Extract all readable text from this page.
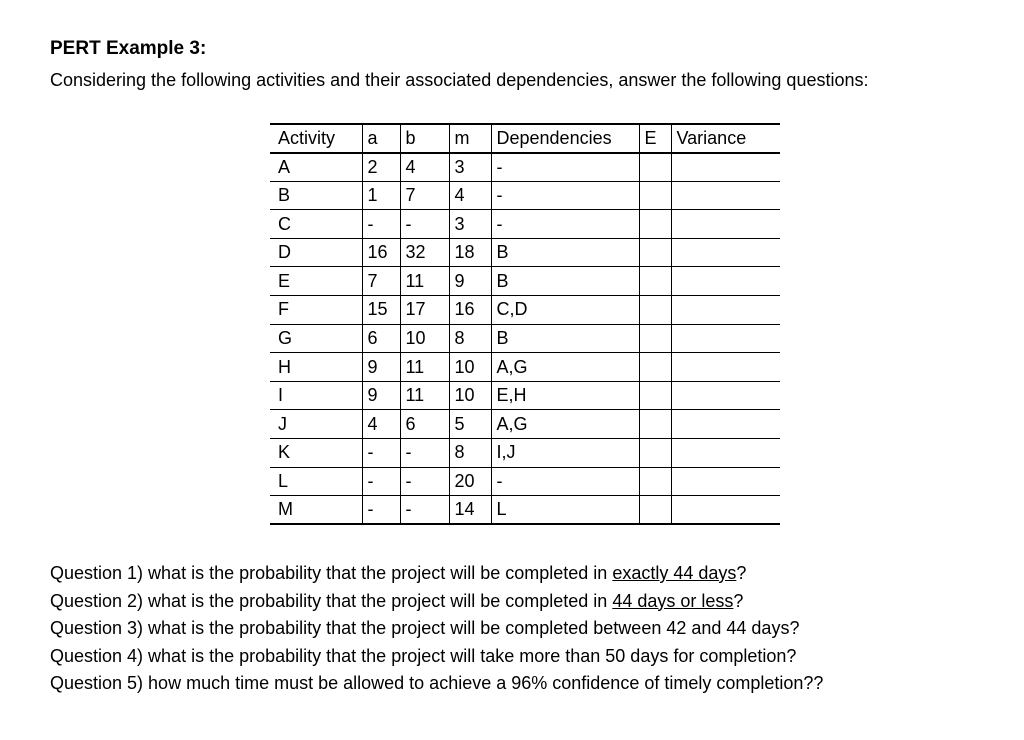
PERT Example 3:

Considering the following activities and their associated dependencies, answer the following questions:

Activity	a	b	m	Dependencies	E	Variance
A	2	4	3	-		
B	1	7	4	-		
C	-	-	3	-		
D	16	32	18	B		
E	7	11	9	B		
F	15	17	16	C,D		
G	6	10	8	B		
H	9	11	10	A,G		
I	9	11	10	E,H		
J	4	6	5	A,G		
K	-	-	8	I,J		
L	-	-	20	-		
M	-	-	14	L		
Question 1) what is the probability that the project will be completed in exactly 44 days?
Question 2) what is the probability that the project will be completed in 44 days or less?
Question 3) what is the probability that the project will be completed between 42 and 44 days?
Question 4) what is the probability that the project will take more than 50 days for completion?
Question 5) how much time must be allowed to achieve a 96% confidence of timely completion??
